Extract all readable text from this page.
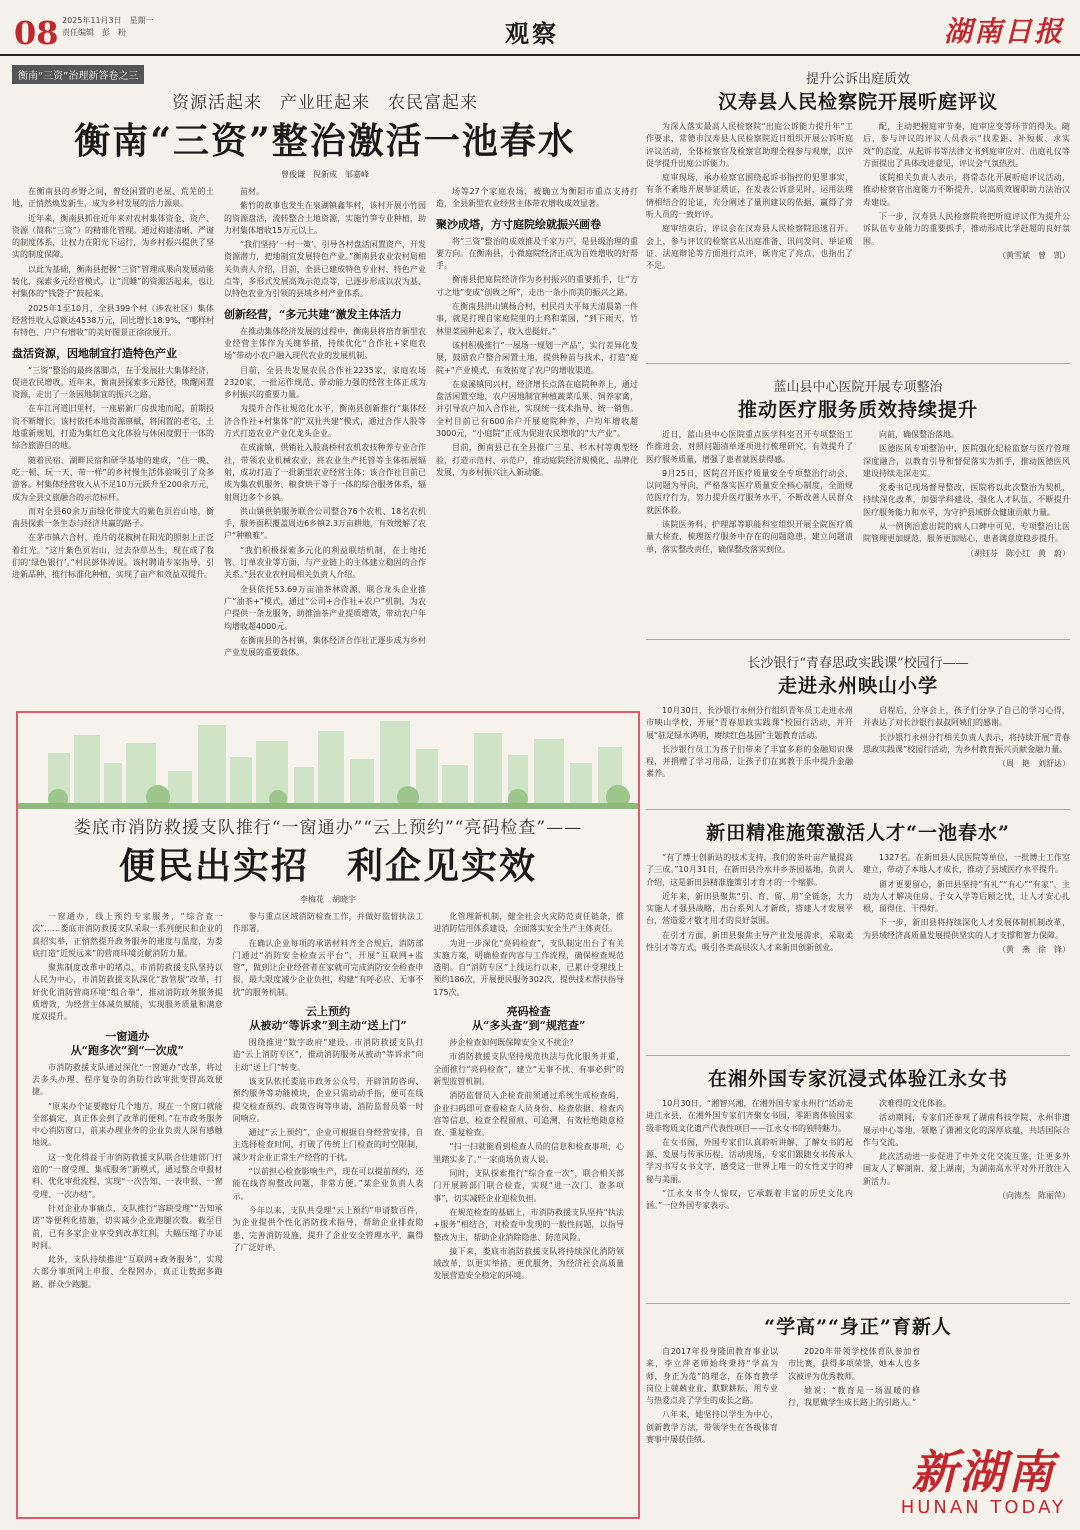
08 2025年11月3日　星期一
责任编辑　彭　粉	观察	湖南日报
衡南“三资”治理新答卷之三
资源活起来　产业旺起来　农民富起来
衡南“三资”整治激活一池春水
曾俊谦　倪新成　邹嘉峰

在衡南县的乡野之间，曾经闲置的老屋、荒芜的土地，正悄然焕发新生，成为乡村发展的活力源泉。

近年来，衡南县抓住近年来对农村集体资金、资产、资源（简称“三资”）的精准化管理。通过构建清晰、严谨的制度体系，让权力在阳光下运行，为乡村振兴提供了坚实的制度保障。

以此为基础，衡南县把握“三资”管理成果向发展动能转化，探索多元经营模式，让“沉睡”的资源活起来，也让村集体的“钱袋子”鼓起来。

2025年1至10月，全县399个村（涉农社区）集体经营性收入总额达4538万元，同比增长18.9%，“哪样村有特色、户户有增收”的美好图景正徐徐展开。

盘活资源，因地制宜打造特色产业

“三资”整治的最终落脚点，在于发展壮大集体经济，促进农民增收。近年来，衡南县探索多元路径，唤醒闲置资源，走出了一条因地制宜的振兴之路。

在车江河道旧里村，一座崭新厂房拔地而起，前期投资不断增长。该村依托本地资源禀赋，将闲置的老宅、土地重新规划，打造为集红色文化体验与休闲度假于一体的综合旅游目的地。

随着民宿、湖畔民宿和研学基地的建成，“住一晚、吃一顿、玩一天、带一样”的乡村慢生活体验吸引了众多游客。村集体经营收入从不足10万元跃升至200余万元，成为全县文旅融合的示范标杆。

而对全县60余万亩绿化带度大的紫色页岩山地，衡南县探索一条生态与经济共赢的路子。

在茅市镇六合村，连片的花椒树在阳光的照射上正泛着红光。“这片紫色页岩山，过去杂草丛生，现在成了我们的‘绿色银行’。”村民彭体涛说。该村聘请专家指导，引进新品种，推行标准化种植，实现了亩产和效益双提升。

苗材。

紫竹的故事也发生在泉湖镇鑫华村，该村开展小竹园的资源盘活，流转整合土地资源，实施竹笋专业种植，助力村集体增收15万元以上。

“我们坚持‘一村一策’，引导各村盘活闲置资产，开发资源潜力，把地制宜发展特色产业。”衡南县农业农村局相关负责人介绍，目前，全县已建成特色专业村、特色产业点等，多形式发展高效示范点等，已逐步形成以农为基、以特色农业为引领的县域乡村产业体系。

创新经营，“多元共建”激发主体活力

在推动集体经济发展的过程中，衡南县将培育新型农业经营主体作为关键举措，持续优化“合作社+家庭农场”带动小农户融入现代农业的发展机制。

目前，全县共发展农民合作社2235家，家庭农场2320家，一批运作规范、带动能力强的经营主体正成为乡村振兴的重要力量。

为提升合作社规范化水平，衡南县创新推行“集体经济合作社+村集体”的“双社共建”模式，通过合作人股等方式打造农业产业化龙头企业。

在成渝镇，供销社入股高桥村农机农技种养专业合作社，带领农业机械农业，将农业生产托管等主体拓展辐射，成功打造了一批新型农业经营主体；该合作社目前已成为集农机服务、粮食烘干等于一体的综合服务体系，辐射周边多个乡镇。

洪山镇供销服务联合公司整合76个农机、18名农机手，服务面积覆盖周边6乡镇2.3万亩耕地，有效缓解了农户“种粮难”。

“我们积极探索多元化的利益联结机制，在土地托管、订单农业等方面，与产业链上的主体建立稳固的合作关系。”县农业农村局相关负责人介绍。

全县依托53.69万亩油茶林资源，联合龙头企业推广“油茶+”模式，通过“公司+合作社+农户”机制，为农户提供一条龙服务，助推油茶产业提质增效，带动农户年均增收超4000元。

在衡南县的各村镇，集体经济合作社正逐步成为乡村产业发展的重要载体。

场等27个家庭农场，被确立为衡阳市重点支持打造，全县新型农业经营主体带农增收成效显著。

聚沙成塔，方寸庭院绘就振兴画卷

将“三资”整治的成效推及千家万户，是县级治理的重要方向。在衡南县，小微庭院经济正成为百姓增收的好帮手。

衡南县把庭院经济作为乡村振兴的重要抓手，让“方寸之地”变成“创收之所”，走出一条小而美的振兴之路。

在衡南县洪山镇杨合村，村民肖大平每天清晨第一件事，就是打理自家庭院里的土鸡和菜园，“到下雨天，竹林里菜园种起来了，收入也挺好。”

该村积极推行“一屋场一规划一产品”，实行差异化发展，鼓励农户整合闲置土地，提供种苗与技术，打造“庭院+”产业模式，有效拓宽了农户的增收渠道。

在泉溪镇同兴村，经济增长点落在庭院种养上，通过盘活闲置空地，农户因地制宜种植蔬菜瓜果、饲养家禽，并引导农户加入合作社，实现统一技术指导、统一销售。全村目前已有600余户开展庭院种养，户均年增收超3000元，“小庭院”正成为促进农民增收的“大产业”。

目前，衡南县已在全县推广三星、杉木村等典型经验，打造示范村、示范户，推动庭院经济规模化、品牌化发展，为乡村振兴注入新动能。

娄底市消防救援支队推行“一窗通办”“云上预约”“亮码检查”——
便民出实招　利企见实效
李梅花　胡晓宇

一窗通办，线上预约专家服务，“综合查一次”……娄底市消防救援支队采取一系列便民和企业的真招实举，正悄然提升政务服务的速度与温度，为娄底打造“近悦远来”的营商环境贡献消防力量。

聚焦制度改革中的堵点，市消防救援支队坚持以人民为中心，市消防救援支队深化“放管服”改革，打好优化消防营商环境“组合拳”，推动消防政务服务提质增效，为经营主体减负赋能，实现服务质量和满意度双提升。

一窗通办
从“跑多次”到“一次成”

市消防救援支队通过深化“一窗通办”改革，将过去多头办理、程序复杂的消防行政审批变得高效便捷。

“原来办个证要跑好几个地方，现在一个窗口就能全部搞定，真正体会到了改革的便利。”在市政务服务中心消防窗口，前来办理业务的企业负责人深有感触地说。

这一变化得益于市消防救援支队联合住建部门打造的“一窗受理、集成服务”新模式，通过整合申报材料、优化审批流程，实现“一次告知、一表申报、一窗受理、一次办结”。

针对企业办事痛点，支队推行“容缺受理”“告知承诺”等便利化措施，切实减少企业跑腿次数。截至目前，已有多家企业享受到改革红利，大幅压缩了办证时间。

此外，支队持续推进“互联网+政务服务”，实现大部分事项网上申报、全程网办，真正让数据多跑路、群众少跑腿。

参与重点区域消防检查工作，并做好监督执法工作部署。

在确认企业每项的承诺材料齐全合规后，消防部门通过“消防安全检查云平台”，开展“互联网+监管”，做到让企业经营者在家就可完成消防安全检查申报，最大限度减少企业负担，构建“有呼必应、无事不扰”的服务机制。

云上预约
从被动“等诉求”到主动“送上门”

围绕推进“数字政府”建设，市消防救援支队打造“云上消防专区”，推动消防服务从被动“等诉求”向主动“送上门”转变。

该支队依托娄底市政务公众号，开辟消防咨询、预约服务等功能模块，企业只需动动手指，便可在线提交检查预约、政策咨询等申请，消防监督员第一时间响应。

通过“云上预约”，企业可根据自身经营安排，自主选择检查时间，打破了传统上门检查的时空限制，减少对企业正常生产经营的干扰。

“以前担心检查影响生产，现在可以提前预约，还能在线咨询整改问题，非常方便。”某企业负责人表示。

今年以来，支队共受理“云上预约”申请数百件，为企业提供个性化消防技术指导，帮助企业排查隐患、完善消防设施，提升了企业安全管理水平，赢得了广泛好评。

化管理新机制，健全社会火灾防范责任链条，推进消防信用体系建设，全面落实安全生产主体责任。

为进一步深化“亮码检查”，支队制定出台了有关实施方案，明确检查内容与工作流程，确保检查规范透明。自“消防专区”上线运行以来，已累计受理线上预约186次，开展便民服务302次，提供技术帮扶指导175次。

亮码检查
从“多头查”到“规范查”

涉企检查如何既保障安全又不扰企？

市消防救援支队坚持规范执法与优化服务并重，全面推行“亮码检查”，建立“无事不扰、有事必到”的新型监管机制。

消防监督员入企检查前须通过系统生成检查码，企业扫码即可查看检查人员身份、检查依据、检查内容等信息，检查全程留痕、可追溯，有效杜绝随意检查、重复检查。

“扫一扫就能看到检查人员的信息和检查事项，心里踏实多了。”一家商场负责人说。

同时，支队探索推行“综合查一次”，联合相关部门开展跨部门联合检查，实现“进一次门、查多项事”，切实减轻企业迎检负担。

在规范检查的基础上，市消防救援支队坚持“执法+服务”相结合，对检查中发现的一般性问题，以指导整改为主，帮助企业消除隐患、防范风险。

接下来，娄底市消防救援支队将持续深化消防领域改革，以更实举措、更优服务，为经济社会高质量发展营造安全稳定的环境。

提升公诉出庭质效
汉寿县人民检察院开展听庭评议

为深入落实最高人民检察院“出庭公诉能力提升年”工作要求，常德市汉寿县人民检察院近日组织开展公诉听庭评议活动，全体检察官及检察官助理全程参与观摩，以评促学提升出庭公诉能力。

庭审现场，承办检察官围绕起诉书指控的犯罪事实，有条不紊地开展举证质证，在发表公诉意见时，运用法理情相结合的论证，充分阐述了量刑建议的依据，赢得了旁听人员的一致好评。

庭审结束后，评议会在汉寿县人民检察院迅速召开。会上，参与评议的检察官从出庭准备、讯问发问、举证质证、法庭辩论等方面进行点评，既肯定了亮点，也指出了不足。

配，主动把握庭审节奏，庭审应变等环节的得失。随后，参与评议的评议人员表示“找差距、补短板、求实效”的态度，从起诉书等法律文书到庭审应对、出庭礼仪等方面提出了具体改进意见，评议会气氛热烈。

该院相关负责人表示，将常态化开展听庭评议活动，推动检察官出庭能力不断提升，以高质效履职助力法治汉寿建设。

下一步，汉寿县人民检察院将把听庭评议作为提升公诉队伍专业能力的重要抓手，推动形成比学赶超的良好氛围。

（黄雪斌　曾　凯）
蓝山县中心医院开展专项整治
推动医疗服务质效持续提升

近日，蓝山县中心医院重点医学科室召开专项整治工作推进会，对照问题清单逐项进行梳理研究，有效提升了医疗服务质量，增强了患者就医获得感。

9月25日，医院召开医疗质量安全专项整治行动会，以问题为导向，严格落实医疗质量安全核心制度，全面规范医疗行为，努力提升医疗服务水平，不断改善人民群众就医体验。

该院医务科、护理部等职能科室组织开展全院医疗质量大检查，梳理医疗服务中存在的问题隐患，建立问题清单，落实整改责任，确保整改落实到位。

向前，确保整治落地。

医德医风专项整治中，医院强化纪检监察与医疗管理深度融合，以教育引导和督促落实为抓手，推动医德医风建设持续走深走实。

党委书记现场督导整改，医院将以此次整治为契机，持续深化改革，加强学科建设，强化人才队伍，不断提升医疗服务能力和水平，为守护县域群众健康贡献力量。

从一例例治愈出院的病人口碑中可见，专项整治让医院管理更加规范，服务更加贴心，患者满意度稳步提升。

（胡钰芬　陈小红　黄　蔚）
长沙银行“青春思政实践课”校园行——
走进永州映山小学

10月30日，长沙银行永州分行组织青年员工走进永州市映山学校，开展“青春思政实践课”校园行活动，并开展“驻足绿水鸿明，赓续红色基因”主题教育活动。

长沙银行员工为孩子们带来了丰富多彩的金融知识课程，并捐赠了学习用品，让孩子们在寓教于乐中提升金融素养。

启程后，分享会上，孩子们分享了自己的学习心得，并表达了对长沙银行叔叔阿姨们的感谢。

长沙银行永州分行相关负责人表示，将持续开展“青春思政实践课”校园行活动，为乡村教育振兴贡献金融力量。

（周　艳　刘舒达）
新田精准施策激活人才“一池春水”

“有了博士创新站的技术支持，我们的茶叶亩产量提高了三成。”10月31日，在新田县冷水井乡茶园基地，负责人介绍，这是新田县精准施策引才育才的一个缩影。

近年来，新田县聚焦“引、育、留、用”全链条，大力实施人才强县战略，出台系列人才新政，搭建人才发展平台，营造爱才敬才用才的良好氛围。

在引才方面，新田县聚焦主导产业发展需求，采取柔性引才等方式，吸引各类高层次人才来新田创新创业。

1327名。在新田县人民医院等单位，一批博士工作室建立，带动了本地人才成长，推动了县域医疗水平提升。

留才更要留心，新田县坚持“有礼”“有心”“有家”，主动为人才解决住房、子女入学等后顾之忧，让人才安心扎根，留得住、干得好。

下一步，新田县将持续深化人才发展体制机制改革，为县域经济高质量发展提供坚实的人才支撑和智力保障。

（黄　燕　徐　锋）
在湘外国专家沉浸式体验江永女书

10月30日，“湘智兴湘，在湘外国专家永州行”活动走进江永县，在湘外国专家们齐聚女书园，零距离体验国家级非物质文化遗产代表性项目——江永女书的独特魅力。

在女书园，外国专家们认真聆听讲解，了解女书的起源、发展与传承历程。活动现场，专家们跟随女书传承人学习书写女书文字，感受这一世界上唯一的女性文字的神秘与美丽。

“江永女书令人惊叹，它承载着丰富的历史文化内涵。”一位外国专家表示。

次难得的文化体验。

活动期间，专家们还参观了湖南科技学院、永州非遗展示中心等地，领略了潇湘文化的深厚底蕴，共话国际合作与交流。

此次活动进一步促进了中外文化交流互鉴，让更多外国友人了解湖南、爱上湖南，为湖南高水平对外开放注入新活力。

（向涛杰　陈丽萍）
“学高”“身正”育新人

自2017年投身隆回教育事业以来，李立萍老师始终秉持“学高为师，身正为范”的理念，在体育教学岗位上兢兢业业、默默耕耘，用专业与热爱点亮了学生的成长之路。

八年来，她坚持以学生为中心，创新教学方法，带领学生在各级体育赛事中屡获佳绩。

2020年带领学校体育队参加省市比赛，获得多项荣誉，她本人也多次被评为优秀教师。

她说：“教育是一场温暖的修行，我愿做学生成长路上的引路人。”

新湖南
HUNAN TODAY
